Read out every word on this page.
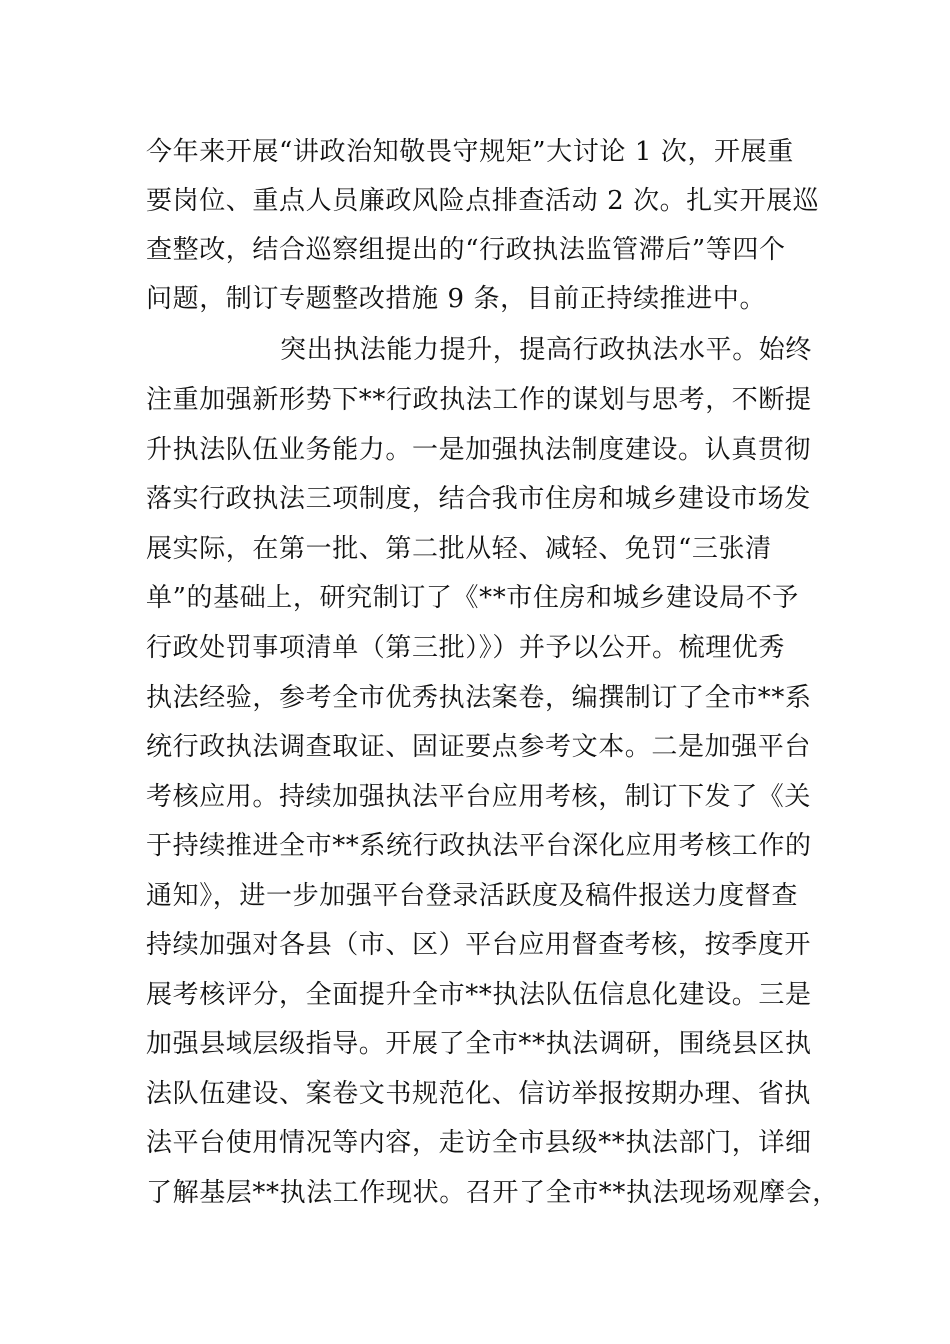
今年来开展“讲政治知敬畏守规矩”大讨论 1 次，开展重
要岗位、重点人员廉政风险点排查活动 2 次。扎实开展巡
查整改，结合巡察组提出的“行政执法监管滞后”等四个
问题，制订专题整改措施 9 条，目前正持续推进中。
突出执法能力提升，提高行政执法水平。始终
注重加强新形势下**行政执法工作的谋划与思考，不断提
升执法队伍业务能力。一是加强执法制度建设。认真贯彻
落实行政执法三项制度，结合我市住房和城乡建设市场发
展实际，在第一批、第二批从轻、减轻、免罚“三张清
单”的基础上，研究制订了《**市住房和城乡建设局不予
行政处罚事项清单（第三批）》）并予以公开。梳理优秀
执法经验，参考全市优秀执法案卷，编撰制订了全市**系
统行政执法调查取证、固证要点参考文本。二是加强平台
考核应用。持续加强执法平台应用考核，制订下发了《关
于持续推进全市**系统行政执法平台深化应用考核工作的
通知》，进一步加强平台登录活跃度及稿件报送力度督查
持续加强对各县（市、区）平台应用督查考核，按季度开
展考核评分，全面提升全市**执法队伍信息化建设。三是
加强县域层级指导。开展了全市**执法调研，围绕县区执
法队伍建设、案卷文书规范化、信访举报按期办理、省执
法平台使用情况等内容，走访全市县级**执法部门，详细
了解基层**执法工作现状。召开了全市**执法现场观摩会，
